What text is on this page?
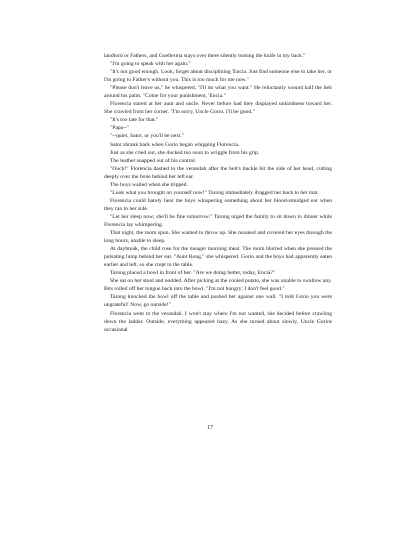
landlord or Fathers, and Guellerma stays over there silently turning the knife in my back."

"I'm going to speak with her again."

"It's not good enough. Look, forget about disciplining 'Encia. Just find someone else to take her, or I'm going to Father's without you. This is too much for me now."

"Please don't leave us," he whispered, "I'll do what you want." He reluctantly wound half the belt around his palm. "Come for your punishment, 'Encia."

Florencia stared at her aunt and uncle. Never before had they displayed unkindness toward her. She crawled from her corner. "I'm sorry, Uncle Gorio, I'll be good."

"It's too late for that."

"Papa--"

"--quiet, Sator, or you'll be next."

Sator shrank back when Gorio began whipping Florencia.

Just as she cried out, she ducked too soon to wriggle from his grip.

The leather snapped out of his control.

"Ouch!" Florencia dashed to the verandah after the belt's buckle bit the side of her head, cutting deeply over the bone behind her left ear.

The boys wailed when she tripped.

"Look what you brought on yourself now!" Tarong immediately dragged her back to her mat.

Florencia could barely hear the boys whispering something about her blood-smudged ear when they ran to her side.

"Let her sleep now; she'll be fine tomorrow." Tarong urged the family to sit down to dinner while Florencia lay whimpering.

That night, the room spun. She wanted to throw up. She moaned and covered her eyes through the long hours, unable to sleep.

At daybreak, the child rose for the meager morning meal. The room blurred when she pressed the pulsating lump behind her ear. "Aunt Rong," she whispered. Gorio and the boys had apparently eaten earlier and left, so she crept to the table.

Tarong placed a bowl in front of her. "Are we doing better, today, Encia?"

She sat on her stool and nodded. After picking at the cooled potato, she was unable to swallow any. Bits rolled off her tongue back into the bowl. "I'm not hungry; I don't feel good."

Tarong knocked the bowl off the table and pushed her against one wall. "I told Gorio you were ungrateful! Now, go outside!"

Florencia went to the verandah. I won't stay where I'm not wanted, she decided before crawling down the ladder. Outside, everything appeared hazy. As she turned about slowly, Uncle Gorios occasional

17
